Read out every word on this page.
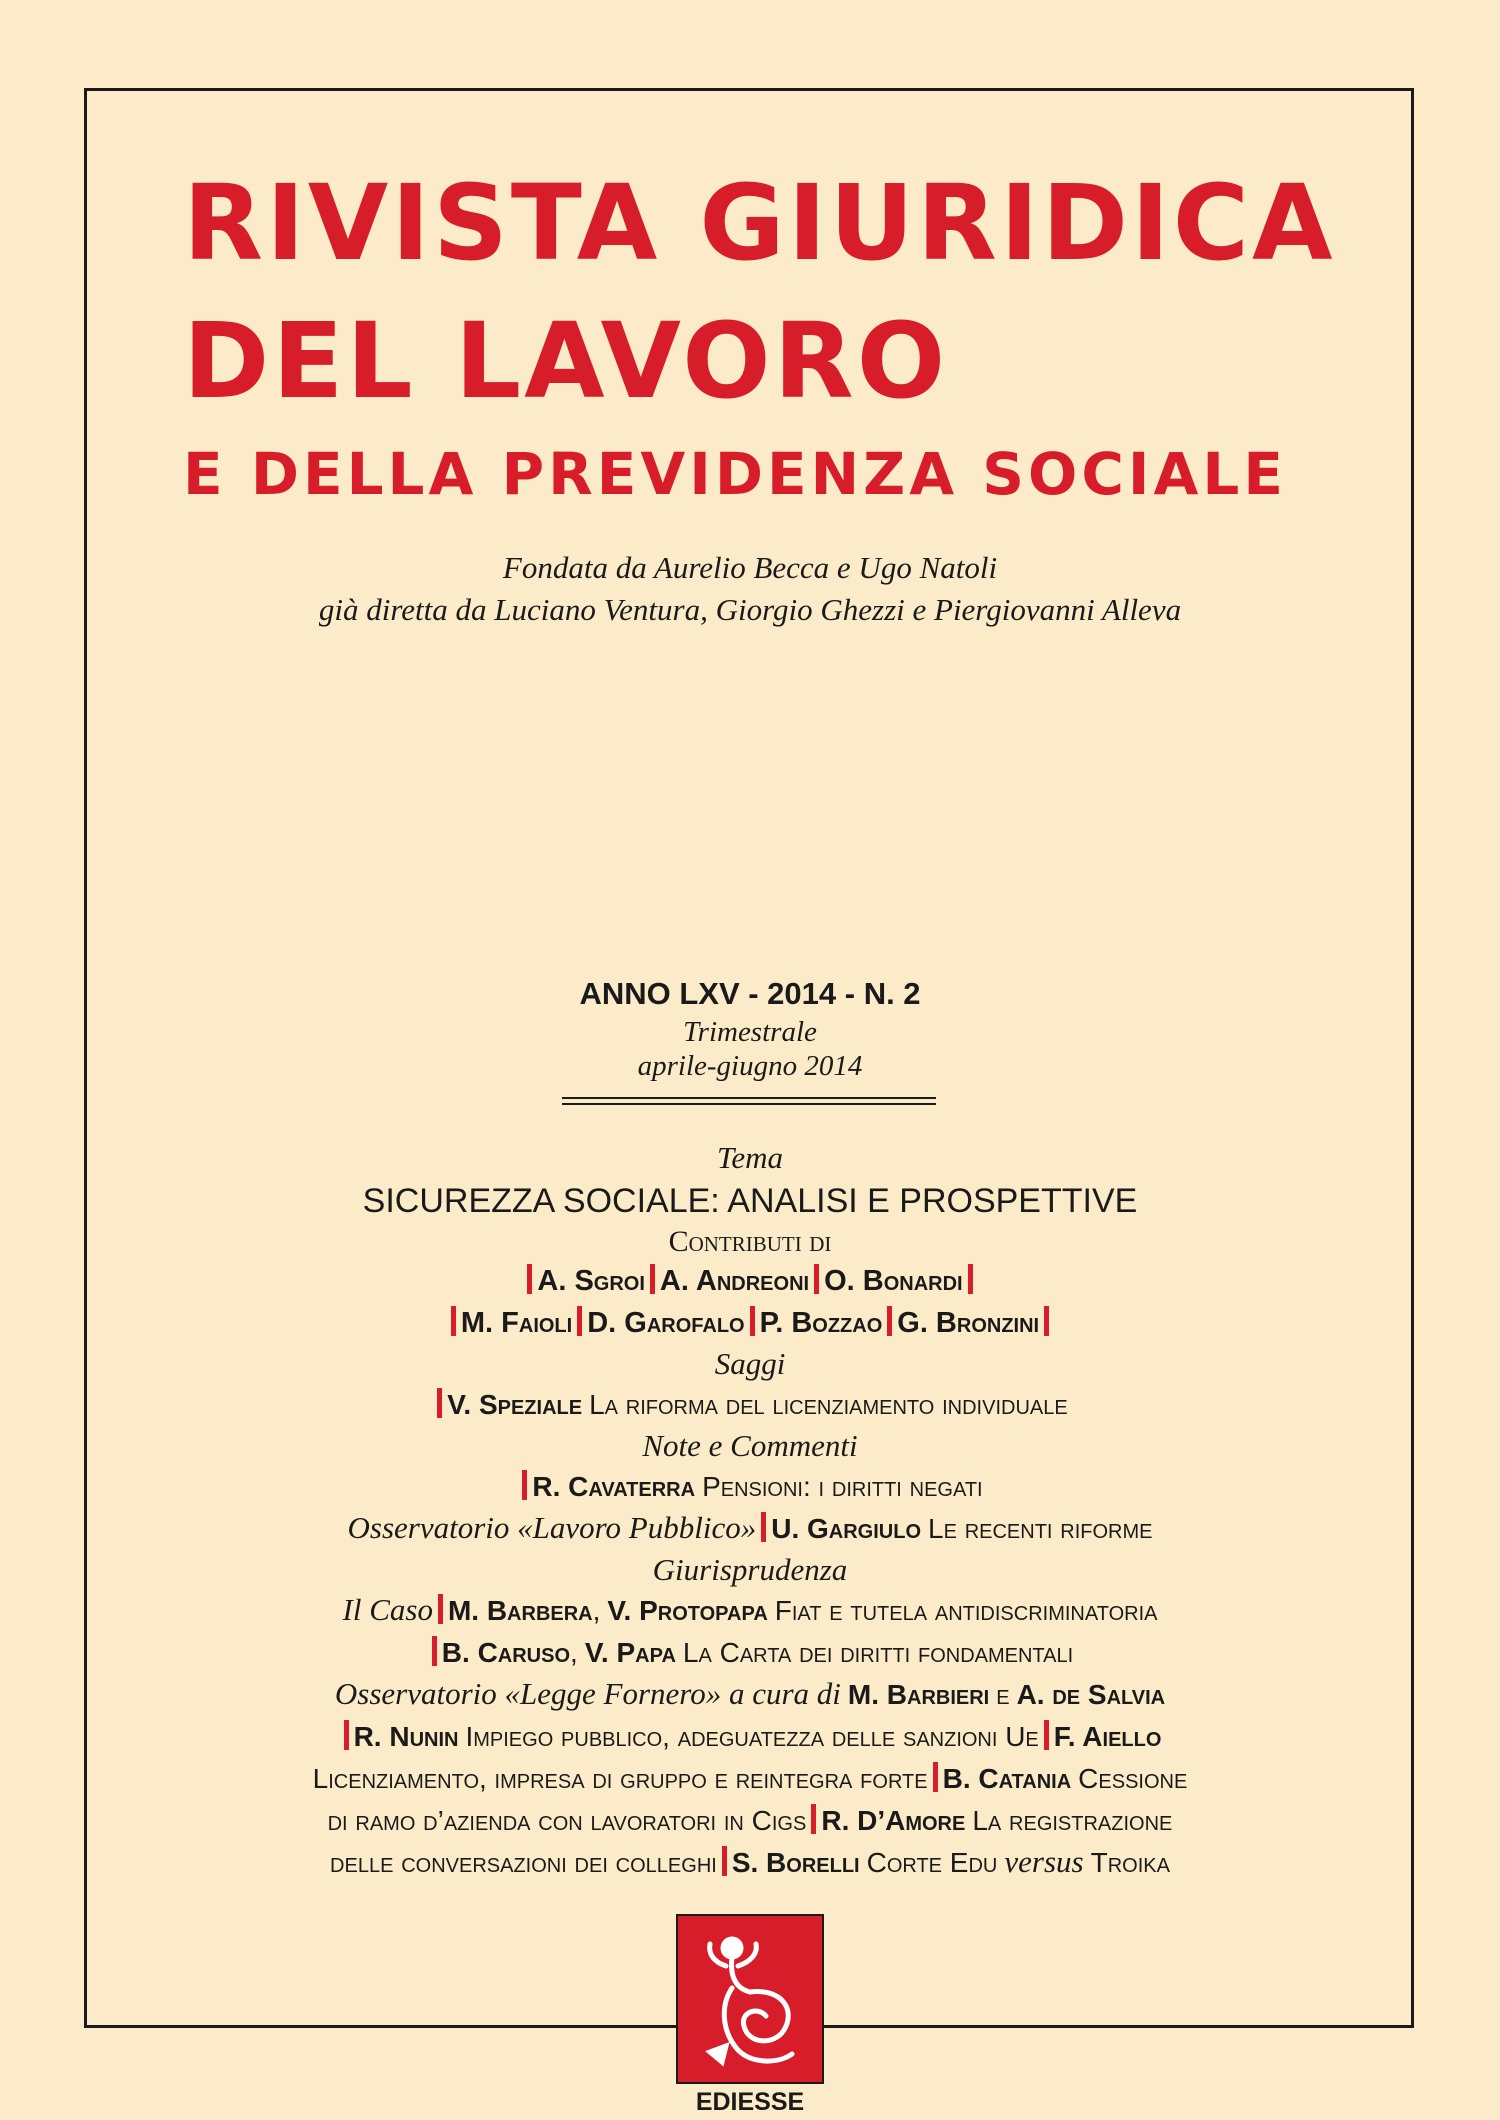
RIVISTA GIURIDICA
DEL LAVORO
E DELLA PREVIDENZA SOCIALE
Fondata da Aurelio Becca e Ugo Natoli
già diretta da Luciano Ventura, Giorgio Ghezzi e Piergiovanni Alleva
ANNO LXV - 2014 - N. 2
Trimestrale
aprile-giugno 2014
Tema
SICUREZZA SOCIALE: ANALISI E PROSPETTIVE
Contributi di
A. Sgroi A. Andreoni O. Bonardi
M. Faioli D. Garofalo P. Bozzao G. Bronzini
Saggi
V. Speziale La riforma del licenziamento individuale
Note e Commenti
R. Cavaterra Pensioni: i diritti negati
Osservatorio «Lavoro Pubblico» U. Gargiulo Le recenti riforme
Giurisprudenza
Il Caso M. Barbera, V. Protopapa Fiat e tutela antidiscriminatoria
B. Caruso, V. Papa La Carta dei diritti fondamentali
Osservatorio «Legge Fornero» a cura di M. Barbieri e A. de Salvia
R. Nunin Impiego pubblico, adeguatezza delle sanzioni Ue F. Aiello
Licenziamento, impresa di gruppo e reintegra forte B. Catania Cessione
di ramo d’azienda con lavoratori in Cigs R. D’Amore La registrazione
delle conversazioni dei colleghi S. Borelli Corte Edu versus Troika
EDIESSE
